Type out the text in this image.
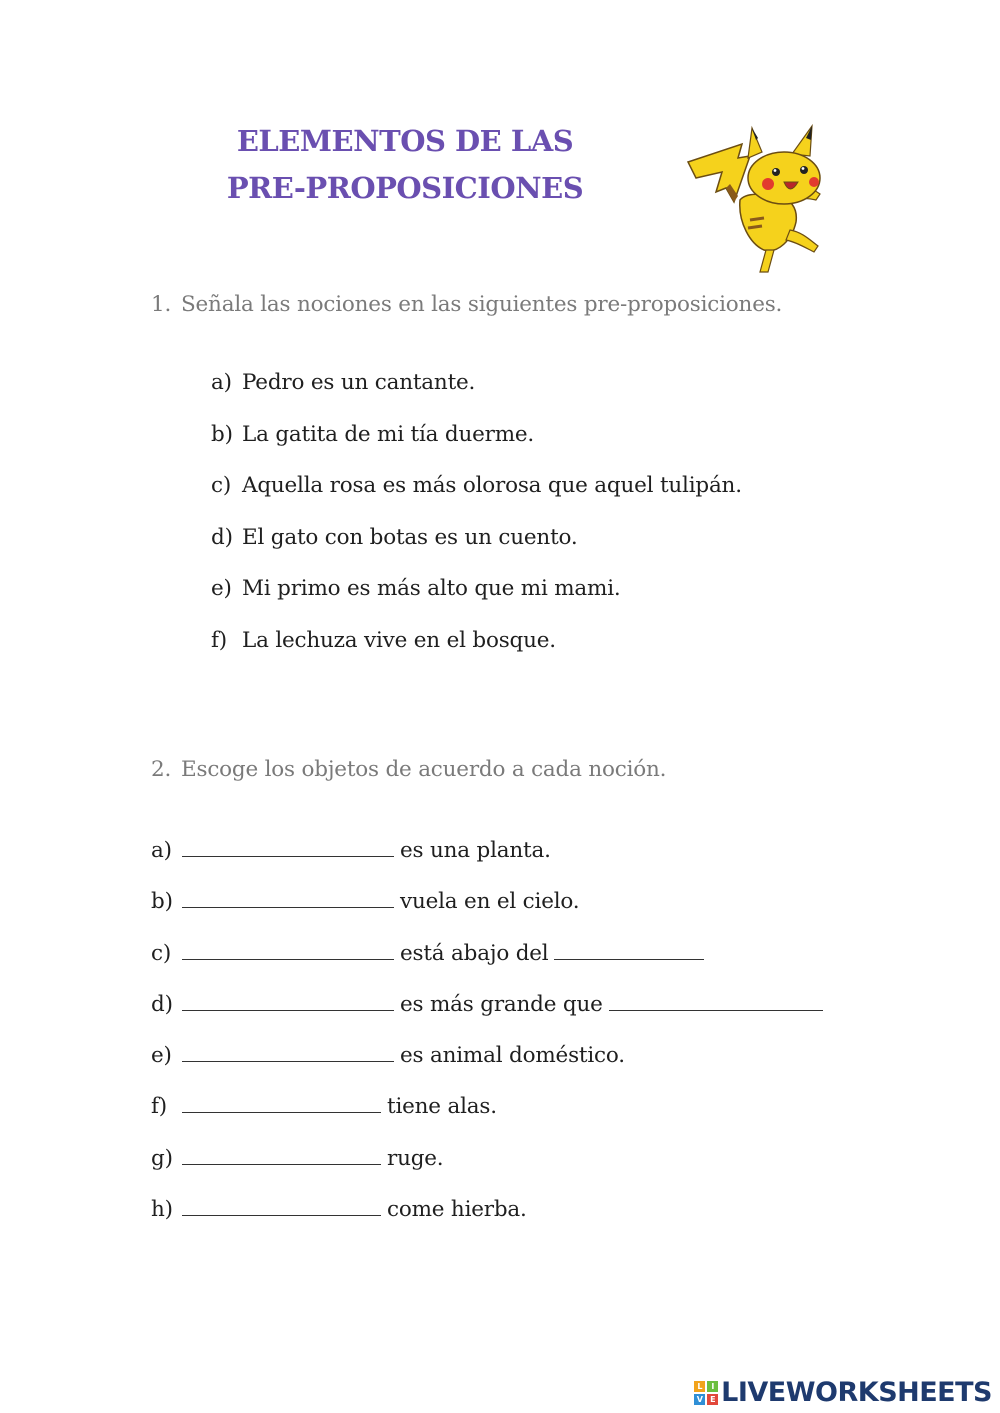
ELEMENTOS DE LAS
PRE-PROPOSICIONES
1. Señala las nociones en las siguientes pre-proposiciones.
a) Pedro es un cantante.
b) La gatita de mi tía duerme.
c) Aquella rosa es más olorosa que aquel tulipán.
d) El gato con botas es un cuento.
e) Mi primo es más alto que mi mami.
f) La lechuza vive en el bosque.
2. Escoge los objetos de acuerdo a cada noción.
a)	es una planta.
b)	vuela en el cielo.
c)	está abajo del
d)	es más grande que
e)	es animal doméstico.
f)	tiene alas.
g)	ruge.
h)	come hierba.
L	I
V E LIVEWORKSHEETS
